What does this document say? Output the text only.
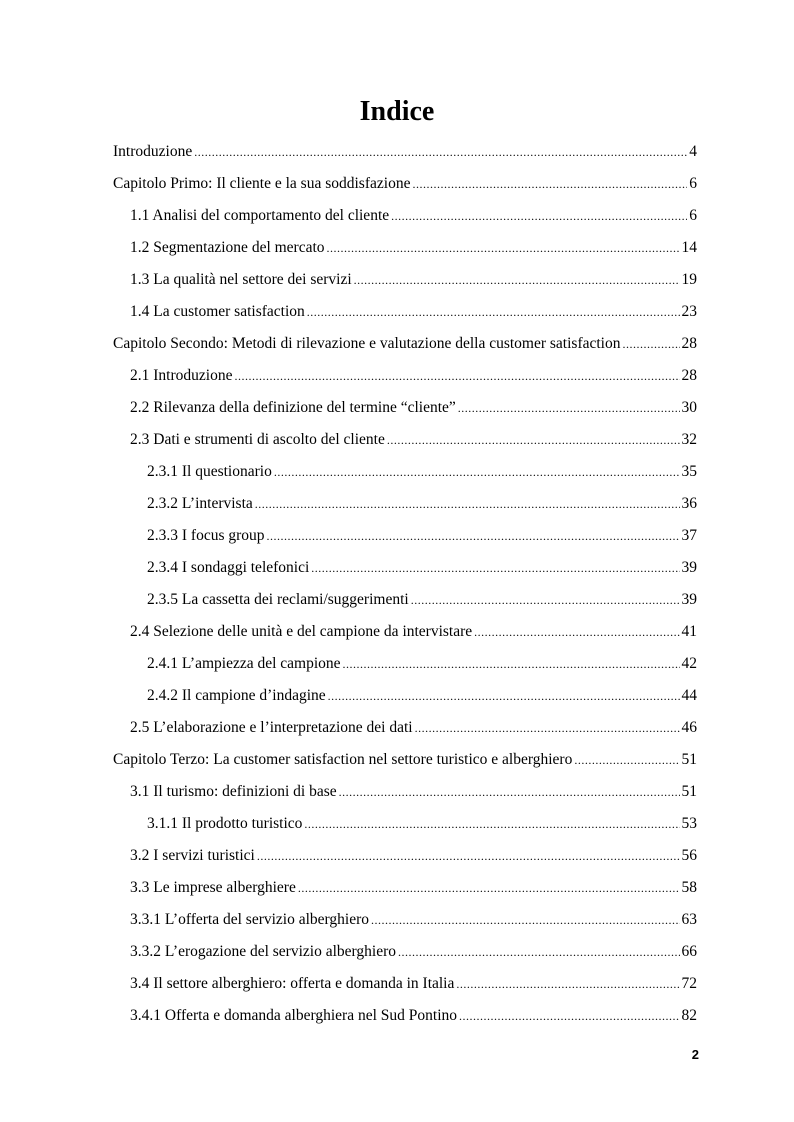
Indice
Introduzione .....	4
Capitolo Primo: Il cliente e la sua soddisfazione .....	6
1.1 Analisi del comportamento del cliente .....	6
1.2 Segmentazione del mercato .....	14
1.3 La qualità nel settore dei servizi .....	19
1.4 La customer satisfaction .....	23
Capitolo Secondo: Metodi di rilevazione e valutazione della customer satisfaction .....	28
2.1 Introduzione .....	28
2.2 Rilevanza della definizione del termine “cliente” .....	30
2.3 Dati e strumenti di ascolto del cliente .....	32
2.3.1 Il questionario .....	35
2.3.2 L’intervista .....	36
2.3.3 I focus group .....	37
2.3.4 I sondaggi telefonici .....	39
2.3.5 La cassetta dei reclami/suggerimenti .....	39
2.4 Selezione delle unità e del campione da intervistare .....	41
2.4.1 L’ampiezza del campione .....	42
2.4.2 Il campione d’indagine .....	44
2.5 L’elaborazione e l’interpretazione dei dati .....	46
Capitolo Terzo: La customer satisfaction nel settore turistico e alberghiero .....	51
3.1 Il turismo: definizioni di base .....	51
3.1.1 Il prodotto turistico .....	53
3.2 I servizi turistici .....	56
3.3 Le imprese alberghiere .....	58
3.3.1 L’offerta del servizio alberghiero .....	63
3.3.2 L’erogazione del servizio alberghiero .....	66
3.4 Il settore alberghiero: offerta e domanda in Italia .....	72
3.4.1 Offerta e domanda alberghiera nel Sud Pontino .....	82
2
